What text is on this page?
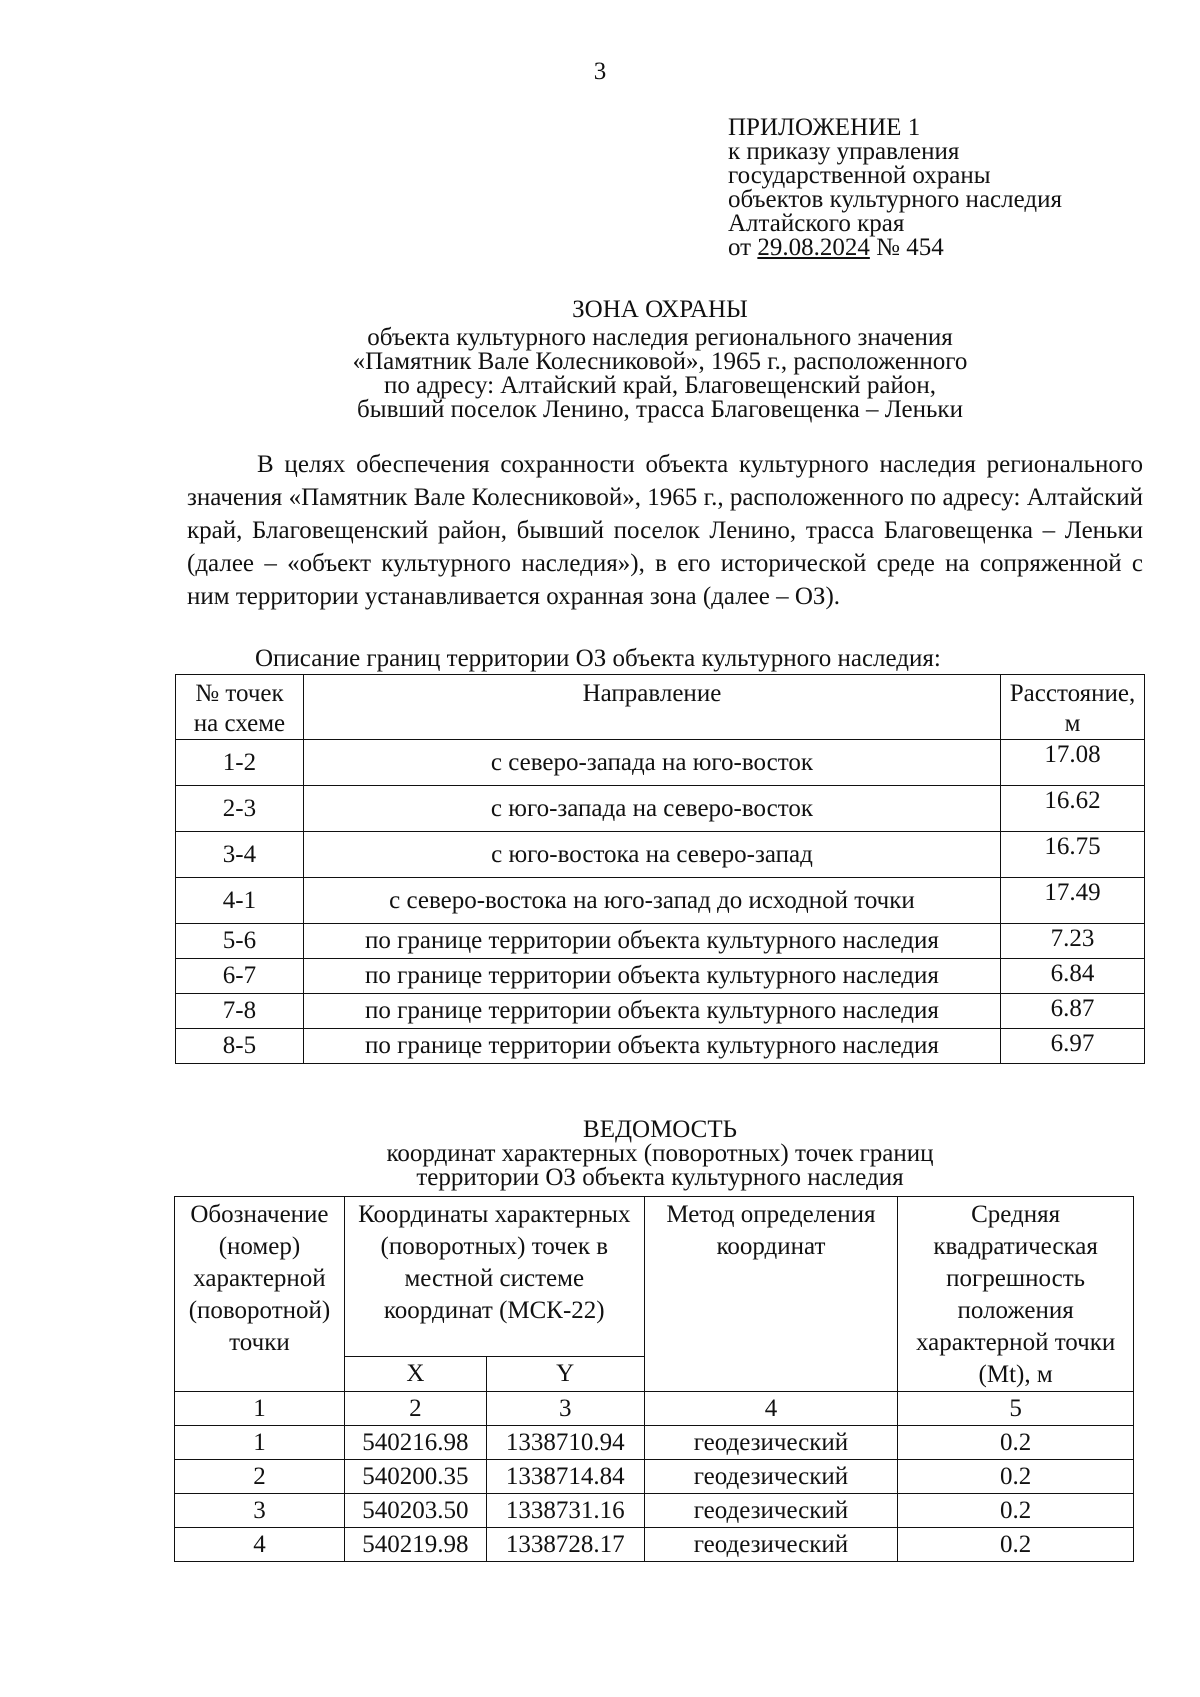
3
ПРИЛОЖЕНИЕ 1
к приказу управления
государственной охраны
объектов культурного наследия
Алтайского края
от 29.08.2024 № 454
ЗОНА ОХРАНЫ
объекта культурного наследия регионального значения
«Памятник Вале Колесниковой», 1965 г., расположенного
по адресу: Алтайский край, Благовещенский район,
бывший поселок Ленино, трасса Благовещенка – Леньки

В целях обеспечения сохранности объекта культурного наследия регионального значения «Памятник Вале Колесниковой», 1965 г., расположенного по адресу: Алтайский край, Благовещенский район, бывший поселок Ленино, трасса Благовещенка – Леньки (далее – «объект культурного наследия»), в его исторической среде на сопряженной с ним территории устанавливается охранная зона (далее – ОЗ).

Описание границ территории ОЗ объекта культурного наследия:
№ точек на схеме	Направление	Расстояние, м
1-2	с северо-запада на юго-восток	17.08
2-3	с юго-запада на северо-восток	16.62
3-4	с юго-востока на северо-запад	16.75
4-1	с северо-востока на юго-запад до исходной точки	17.49
5-6	по границе территории объекта культурного наследия	7.23
6-7	по границе территории объекта культурного наследия	6.84
7-8	по границе территории объекта культурного наследия	6.87
8-5	по границе территории объекта культурного наследия	6.97
ВЕДОМОСТЬ
координат характерных (поворотных) точек границ
территории ОЗ объекта культурного наследия
Обозначение (номер) характерной (поворотной) точки	Координаты характерных (поворотных) точек в местной системе координат (МСК-22)		Метод определения координат	Средняя квадратическая погрешность положения характерной точки (Mt), м
	X	Y		
1	2	3	4	5
1	540216.98	1338710.94	геодезический	0.2
2	540200.35	1338714.84	геодезический	0.2
3	540203.50	1338731.16	геодезический	0.2
4	540219.98	1338728.17	геодезический	0.2
